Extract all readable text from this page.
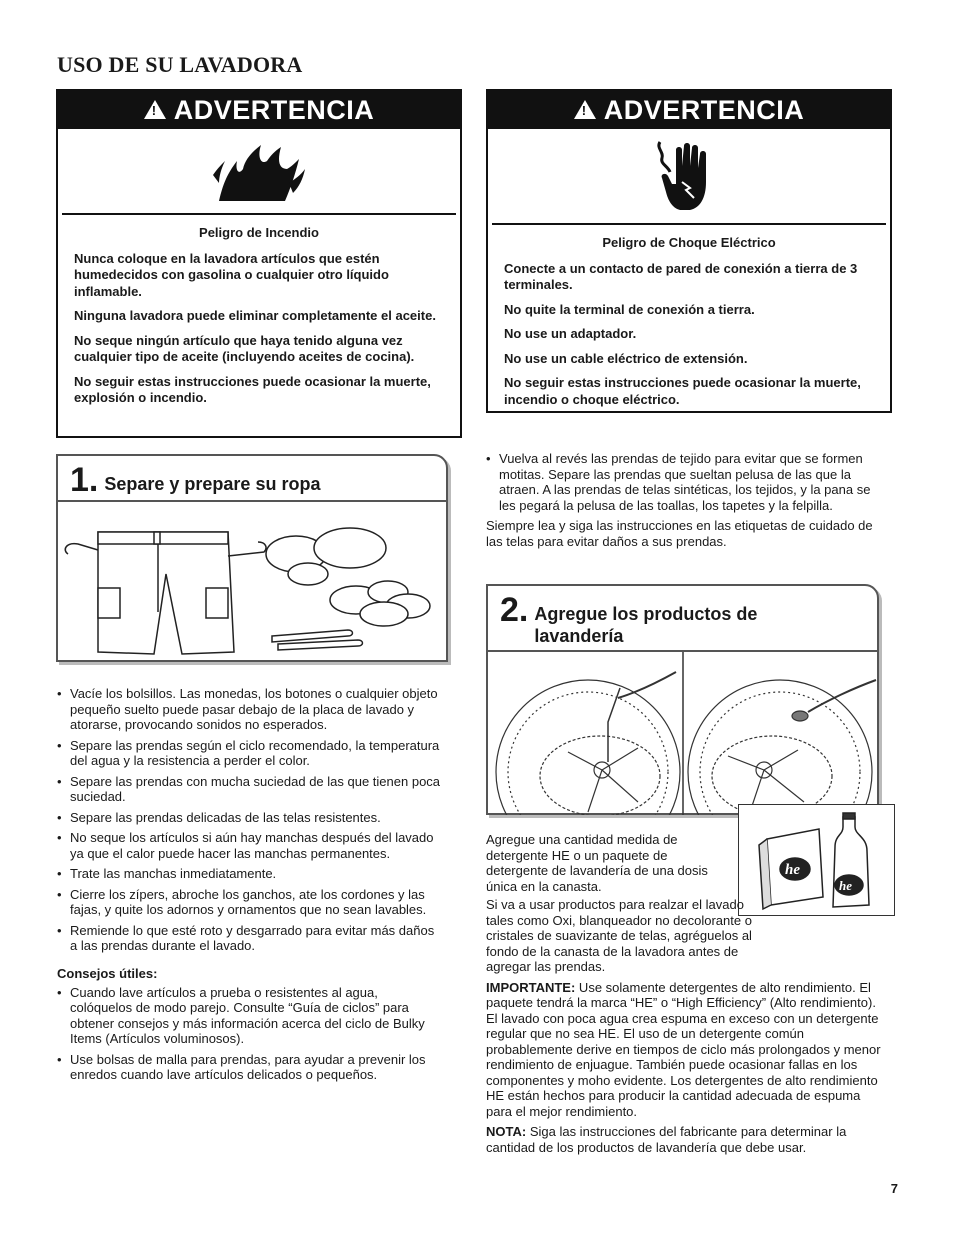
USO DE SU LAVADORA
!
ADVERTENCIA

Peligro de Incendio

Nunca coloque en la lavadora artículos que estén humedecidos con gasolina o cualquier otro líquido inflamable.

Ninguna lavadora puede eliminar completamente el aceite.

No seque ningún artículo que haya tenido alguna vez cualquier tipo de aceite (incluyendo aceites de cocina).

No seguir estas instrucciones puede ocasionar la muerte, explosión o incendio.

!
ADVERTENCIA

Peligro de Choque Eléctrico

Conecte a un contacto de pared de conexión a tierra de 3 terminales.

No quite la terminal de conexión a tierra.

No use un adaptador.

No use un cable eléctrico de extensión.

No seguir estas instrucciones puede ocasionar la muerte, incendio o choque eléctrico.

1. Separe y prepare su ropa
• Vacíe los bolsillos. Las monedas, los botones o cualquier objeto pequeño suelto puede pasar debajo de la placa de lavado y atorarse, provocando sonidos no esperados.
• Separe las prendas según el ciclo recomendado, la temperatura del agua y la resistencia a perder el color.
• Separe las prendas con mucha suciedad de las que tienen poca suciedad.
• Separe las prendas delicadas de las telas resistentes.
• No seque los artículos si aún hay manchas después del lavado ya que el calor puede hacer las manchas permanentes.
• Trate las manchas inmediatamente.
• Cierre los zípers, abroche los ganchos, ate los cordones y las fajas, y quite los adornos y ornamentos que no sean lavables.
• Remiende lo que esté roto y desgarrado para evitar más daños a las prendas durante el lavado.

Consejos útiles:

• Cuando lave artículos a prueba o resistentes al agua, colóquelos de modo parejo. Consulte “Guía de ciclos” para obtener consejos y más información acerca del ciclo de Bulky Items (Artículos voluminosos).
• Use bolsas de malla para prendas, para ayudar a prevenir los enredos cuando lave artículos delicados o pequeños.
• Vuelva al revés las prendas de tejido para evitar que se formen motitas. Separe las prendas que sueltan pelusa de las que la atraen. A las prendas de telas sintéticas, los tejidos, y la pana se les pegará la pelusa de las toallas, los tapetes y la felpilla.

Siempre lea y siga las instrucciones en las etiquetas de cuidado de las telas para evitar daños a sus prendas.

2. Agregue los productos de
lavandería
he
he

Agregue una cantidad medida de detergente HE o un paquete de detergente de lavandería de una dosis única en la canasta.

Si va a usar productos para realzar el lavado tales como Oxi, blanqueador no decolorante o cristales de suavizante de telas, agréguelos al fondo de la canasta de la lavadora antes de agregar las prendas.

IMPORTANTE: Use solamente detergentes de alto rendimiento. El paquete tendrá la marca “HE” o “High Efficiency” (Alto rendimiento). El lavado con poca agua crea espuma en exceso con un detergente regular que no sea HE. El uso de un detergente común probablemente derive en tiempos de ciclo más prolongados y menor rendimiento de enjuague. También puede ocasionar fallas en los componentes y moho evidente. Los detergentes de alto rendimiento HE están hechos para producir la cantidad adecuada de espuma para el mejor rendimiento.

NOTA: Siga las instrucciones del fabricante para determinar la cantidad de los productos de lavandería que debe usar.

7
